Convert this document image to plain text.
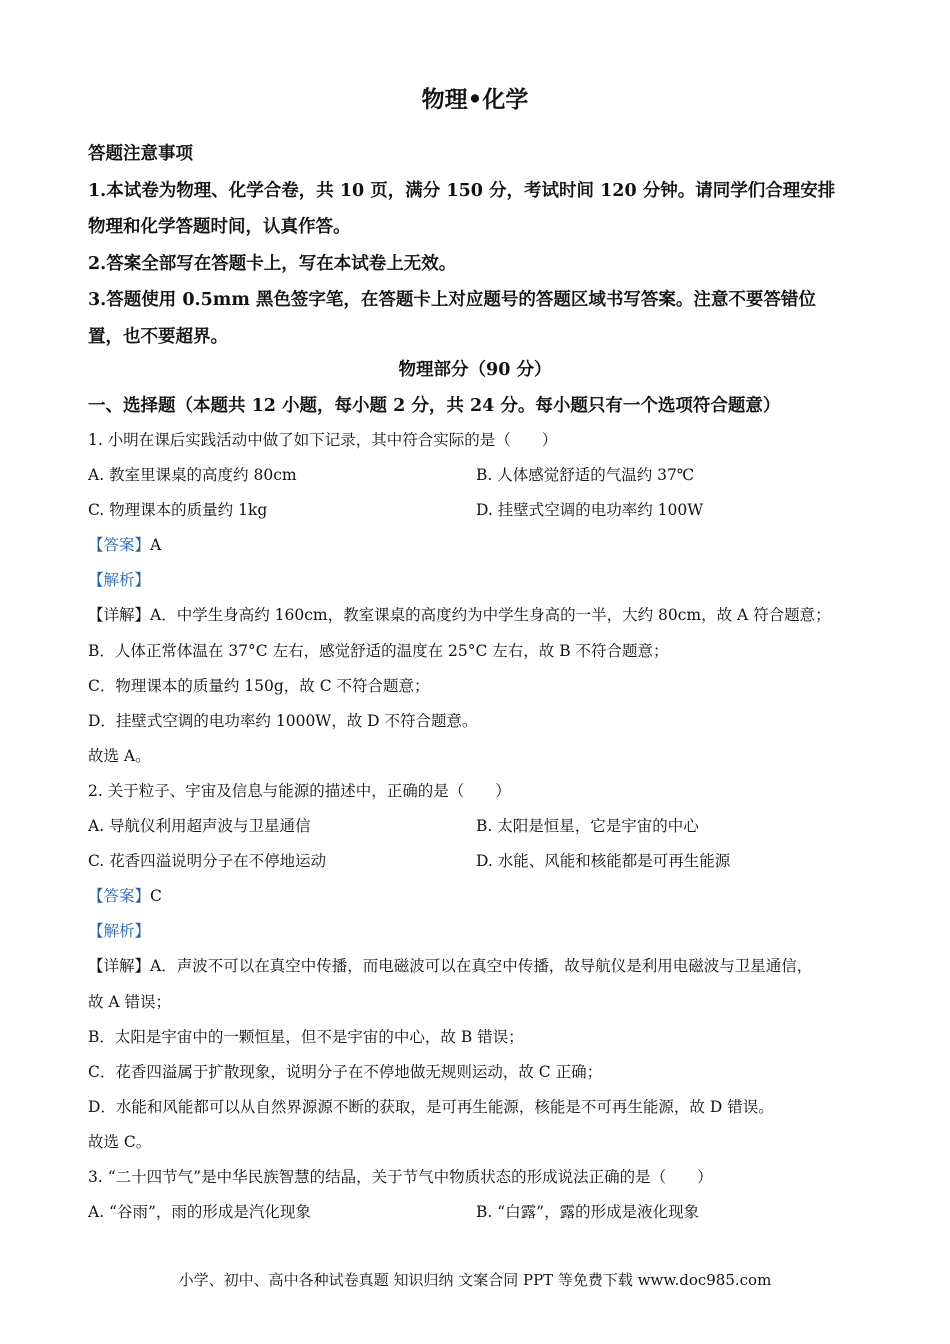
物理•化学
答题注意事项
1.本试卷为物理、化学合卷，共 10 页，满分 150 分，考试时间 120 分钟。请同学们合理安排
物理和化学答题时间，认真作答。
2.答案全部写在答题卡上，写在本试卷上无效。
3.答题使用 0.5mm 黑色签字笔，在答题卡上对应题号的答题区域书写答案。注意不要答错位
置，也不要超界。
物理部分（90 分）
一、选择题（本题共 12 小题，每小题 2 分，共 24 分。每小题只有一个选项符合题意）
1. 小明在课后实践活动中做了如下记录，其中符合实际的是（　　）
A. 教室里课桌的高度约 80cm	B. 人体感觉舒适的气温约 37℃
C. 物理课本的质量约 1kg	D. 挂壁式空调的电功率约 100W
【答案】A
【解析】
【详解】A．中学生身高约 160cm，教室课桌的高度约为中学生身高的一半，大约 80cm，故 A 符合题意；
B．人体正常体温在 37°C 左右，感觉舒适的温度在 25°C 左右，故 B 不符合题意；
C．物理课本的质量约 150g，故 C 不符合题意；
D．挂壁式空调的电功率约 1000W，故 D 不符合题意。
故选 A。
2. 关于粒子、宇宙及信息与能源的描述中，正确的是（　　）
A. 导航仪利用超声波与卫星通信	B. 太阳是恒星，它是宇宙的中心
C. 花香四溢说明分子在不停地运动	D. 水能、风能和核能都是可再生能源
【答案】C
【解析】
【详解】A．声波不可以在真空中传播，而电磁波可以在真空中传播，故导航仪是利用电磁波与卫星通信，
故 A 错误；
B．太阳是宇宙中的一颗恒星，但不是宇宙的中心，故 B 错误；
C．花香四溢属于扩散现象，说明分子在不停地做无规则运动，故 C 正确；
D．水能和风能都可以从自然界源源不断的获取，是可再生能源，核能是不可再生能源，故 D 错误。
故选 C。
3. “二十四节气”是中华民族智慧的结晶，关于节气中物质状态的形成说法正确的是（　　）
A. “谷雨”，雨的形成是汽化现象	B. “白露”，露的形成是液化现象
小学、初中、高中各种试卷真题 知识归纳 文案合同 PPT 等免费下载 www.doc985.com
